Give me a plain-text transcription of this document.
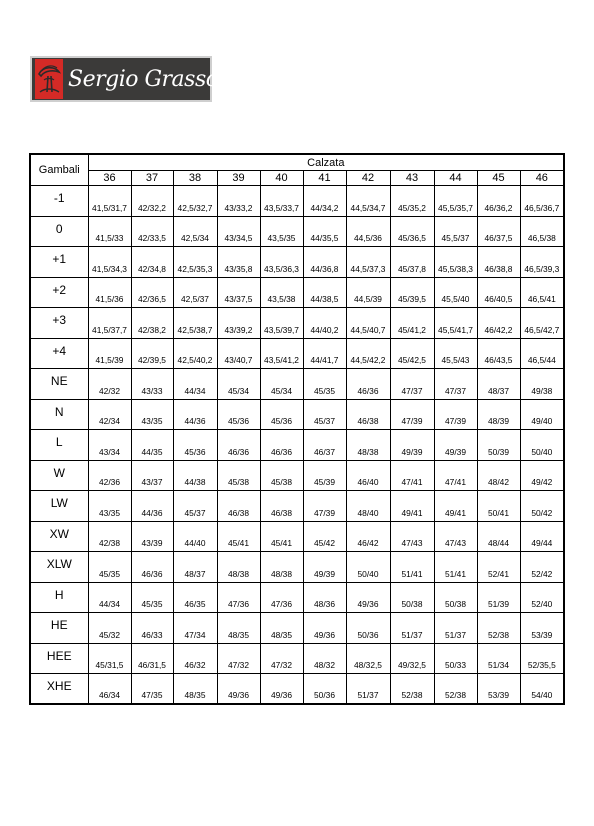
Sergio Grasso
Gambali	Calzata										
	36	37	38	39	40	41	42	43	44	45	46
-1	41,5/31,7	42/32,2	42,5/32,7	43/33,2	43,5/33,7	44/34,2	44,5/34,7	45/35,2	45,5/35,7	46/36,2	46,5/36,7
0	41,5/33	42/33,5	42,5/34	43/34,5	43,5/35	44/35,5	44,5/36	45/36,5	45,5/37	46/37,5	46,5/38
+1	41,5/34,3	42/34,8	42,5/35,3	43/35,8	43,5/36,3	44/36,8	44,5/37,3	45/37,8	45,5/38,3	46/38,8	46,5/39,3
+2	41,5/36	42/36,5	42,5/37	43/37,5	43,5/38	44/38,5	44,5/39	45/39,5	45,5/40	46/40,5	46,5/41
+3	41,5/37,7	42/38,2	42,5/38,7	43/39,2	43,5/39,7	44/40,2	44,5/40,7	45/41,2	45,5/41,7	46/42,2	46,5/42,7
+4	41,5/39	42/39,5	42,5/40,2	43/40,7	43,5/41,2	44/41,7	44,5/42,2	45/42,5	45,5/43	46/43,5	46,5/44
NE	42/32	43/33	44/34	45/34	45/34	45/35	46/36	47/37	47/37	48/37	49/38
N	42/34	43/35	44/36	45/36	45/36	45/37	46/38	47/39	47/39	48/39	49/40
L	43/34	44/35	45/36	46/36	46/36	46/37	48/38	49/39	49/39	50/39	50/40
W	42/36	43/37	44/38	45/38	45/38	45/39	46/40	47/41	47/41	48/42	49/42
LW	43/35	44/36	45/37	46/38	46/38	47/39	48/40	49/41	49/41	50/41	50/42
XW	42/38	43/39	44/40	45/41	45/41	45/42	46/42	47/43	47/43	48/44	49/44
XLW	45/35	46/36	48/37	48/38	48/38	49/39	50/40	51/41	51/41	52/41	52/42
H	44/34	45/35	46/35	47/36	47/36	48/36	49/36	50/38	50/38	51/39	52/40
HE	45/32	46/33	47/34	48/35	48/35	49/36	50/36	51/37	51/37	52/38	53/39
HEE	45/31,5	46/31,5	46/32	47/32	47/32	48/32	48/32,5	49/32,5	50/33	51/34	52/35,5
XHE	46/34	47/35	48/35	49/36	49/36	50/36	51/37	52/38	52/38	53/39	54/40
